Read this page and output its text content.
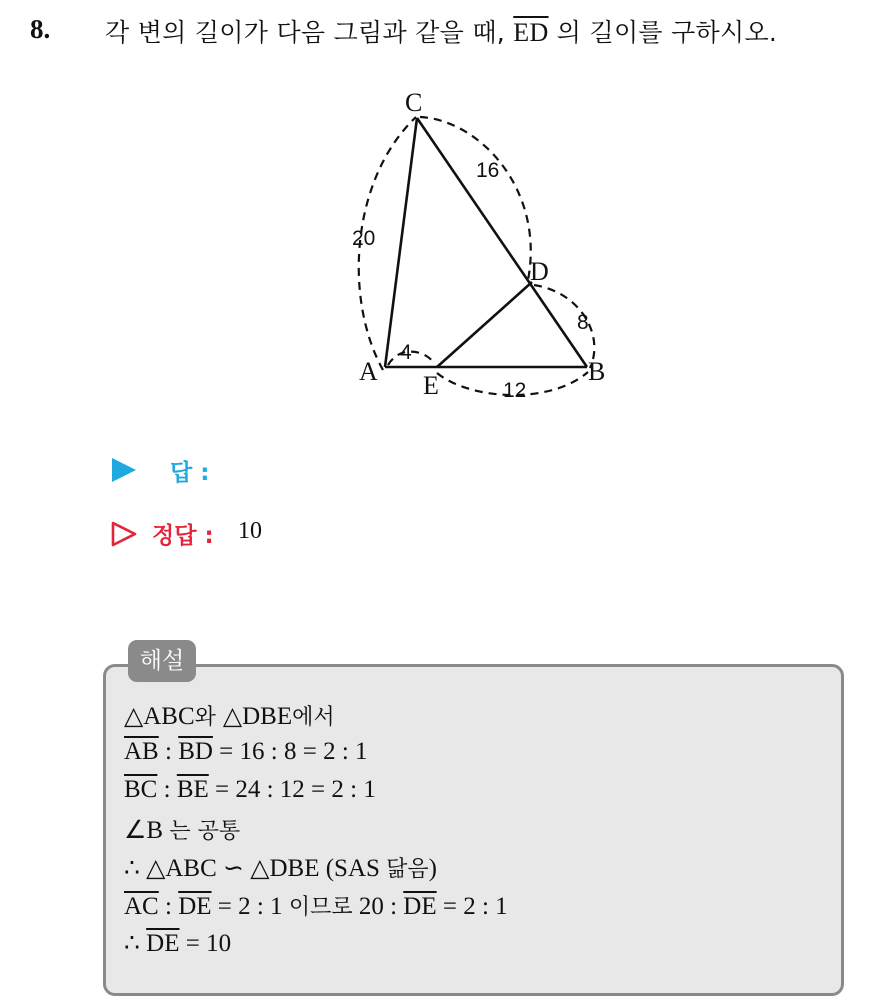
8. 각 변의 길이가 다음 그림과 같을 때, $\overline{ED}$ 의 길이를 구하시오.
C
D
A E	B
16
20
8
4
12
답 :
정답 : 10
해설
△ABC와 △DBE에서
$\overline{AB}$ : $\overline{BD} = 16$ : 8 = 2 : 1
$\overline{BC}$ : $\overline{BE} = 24$ : 12 = 2 : 1
∠B 는 공통
∴ △ABC ∽ △DBE (SAS 닮음)
$\overline{AC}$ : $\overline{DE} = 2$ : 1 이므로 20 : $\overline{DE} = 2$ : 1
∴ $\overline{DE} = 10$
